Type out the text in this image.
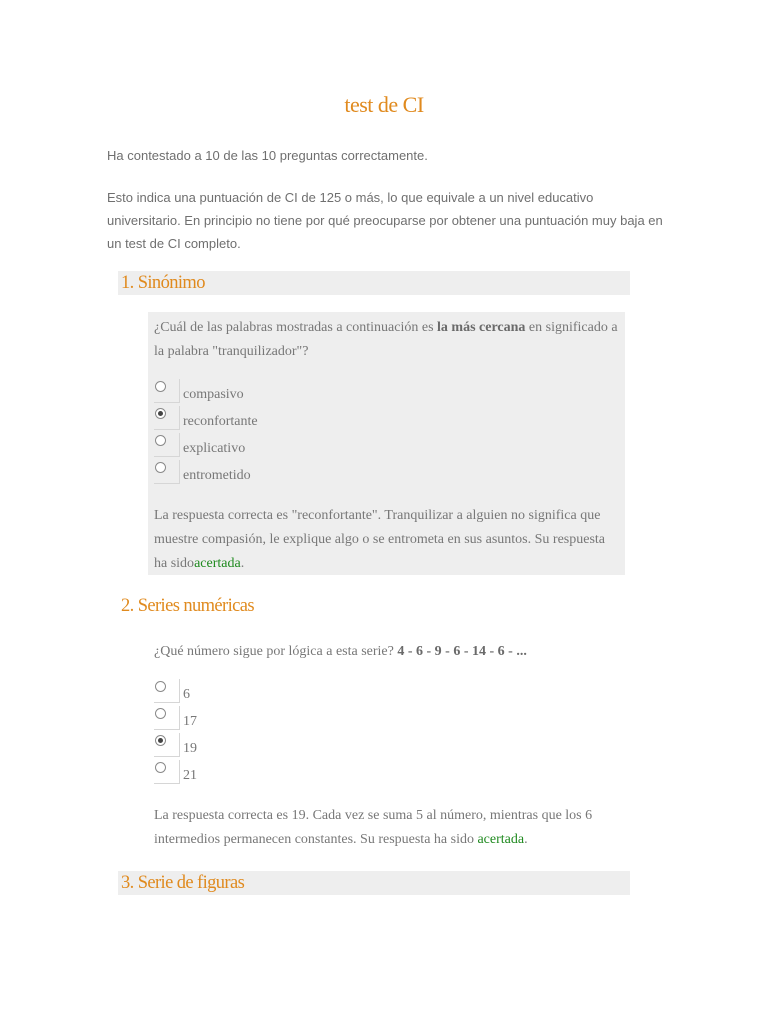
test de CI
Ha contestado a 10 de las 10 preguntas correctamente.
Esto indica una puntuación de CI de 125 o más, lo que equivale a un nivel educativo universitario. En principio no tiene por qué preocuparse por obtener una puntuación muy baja en un test de CI completo.
1. Sinónimo
¿Cuál de las palabras mostradas a continuación es la más cercana en significado a la palabra "tranquilizador"?
compasivo
reconfortante
explicativo
entrometido
La respuesta correcta es "reconfortante". Tranquilizar a alguien no significa que muestre compasión, le explique algo o se entrometa en sus asuntos. Su respuesta ha sidoacertada.
2. Series numéricas
¿Qué número sigue por lógica a esta serie? 4 - 6 - 9 - 6 - 14 - 6 - ...
6
17
19
21
La respuesta correcta es 19. Cada vez se suma 5 al número, mientras que los 6 intermedios permanecen constantes. Su respuesta ha sido acertada.
3. Serie de figuras
